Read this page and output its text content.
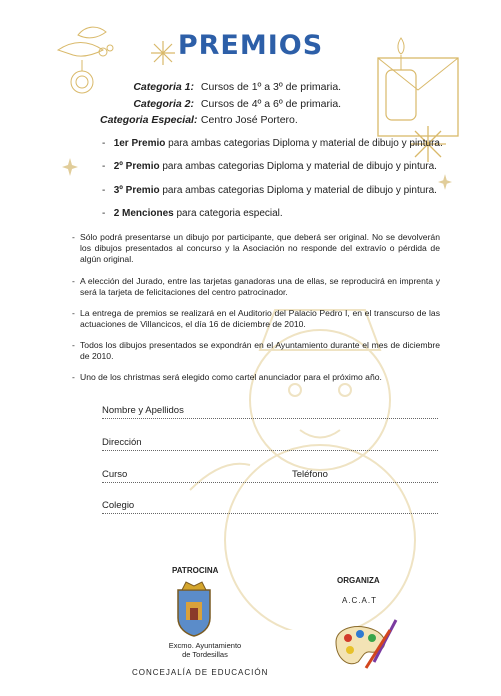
PREMIOS
Categoria 1: Cursos de 1º a 3º de primaria.
Categoria 2: Cursos de 4º a 6º de primaria.
Categoria Especial: Centro José Portero.
- 1er Premio para ambas categorias Diploma y material de dibujo y pintura.
- 2º Premio para ambas categorias Diploma y material de dibujo y pintura.
- 3º Premio para ambas categorias Diploma y material de dibujo y pintura.
- 2 Menciones para categoria especial.
- Sólo podrá presentarse un dibujo por participante, que deberá ser original. No se devolverán los dibujos presentados al concurso y la Asociación no responde del extravío o pérdida de algún original.
- A elección del Jurado, entre las tarjetas ganadoras una de ellas, se reproducirá en imprenta y será la tarjeta de felicitaciones del centro patrocinador.
- La entrega de premios se realizará en el Auditorio del Palacio Pedro I, en el transcurso de las actuaciones de Villancicos, el día 16 de diciembre de 2010.
- Todos los dibujos presentados se expondrán en el Ayuntamiento durante el mes de diciembre de 2010.
- Uno de los christmas será elegido como cartel anunciador para el próximo año.
Nombre y Apellidos
Dirección
Curso	Teléfono
Colegio
PATROCINA
Excmo. Ayuntamiento
de Tordesillas
CONCEJALÍA DE EDUCACIÓN
ORGANIZA
A.C.A.T
